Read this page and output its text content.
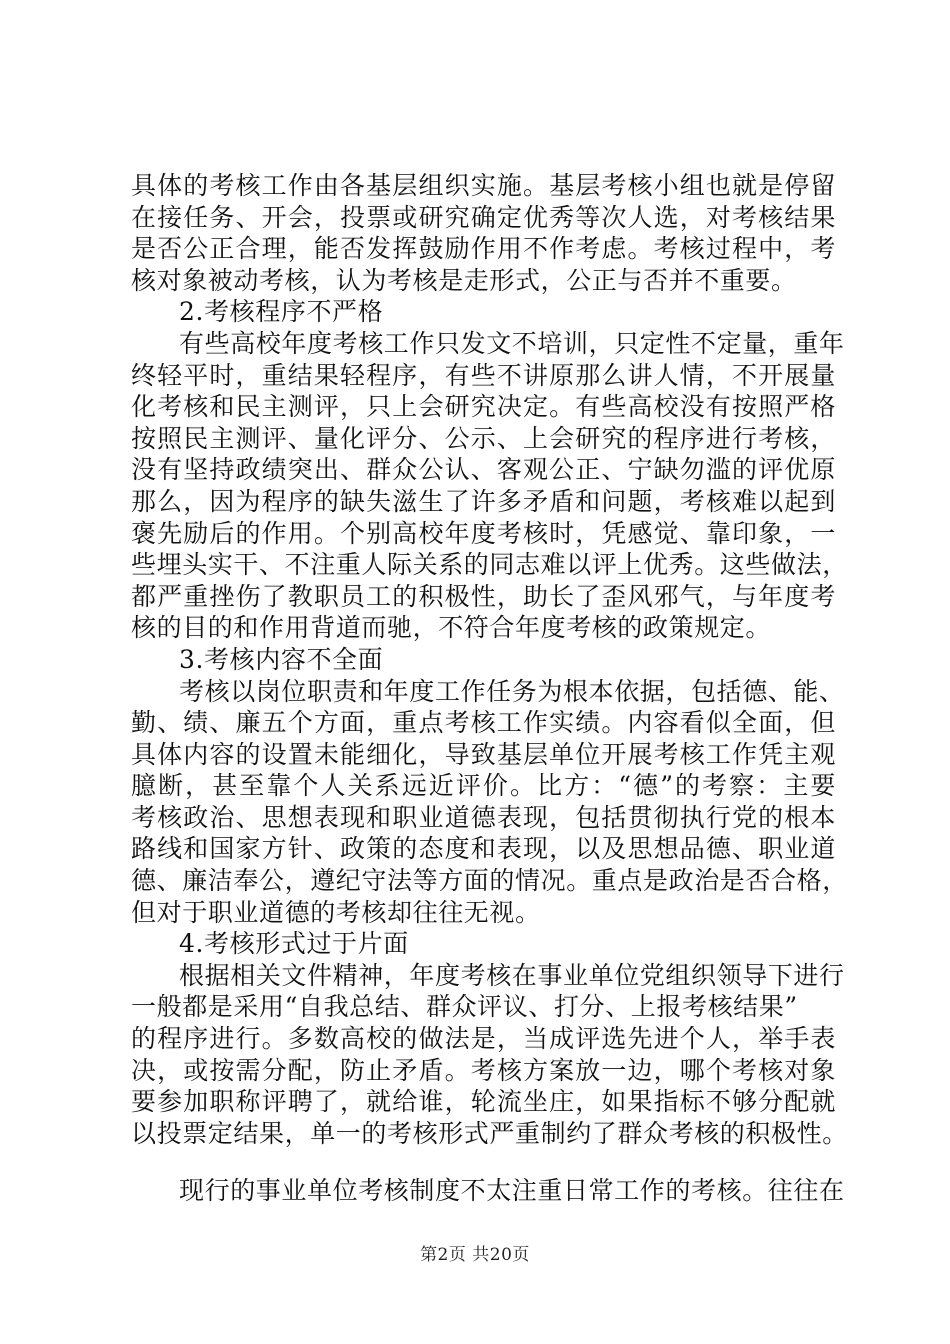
具体的考核工作由各基层组织实施。基层考核小组也就是停留
在接任务、开会，投票或研究确定优秀等次人选，对考核结果
是否公正合理，能否发挥鼓励作用不作考虑。考核过程中，考
核对象被动考核，认为考核是走形式，公正与否并不重要。
2.考核程序不严格
有些高校年度考核工作只发文不培训，只定性不定量，重年
终轻平时，重结果轻程序，有些不讲原那么讲人情，不开展量
化考核和民主测评，只上会研究决定。有些高校没有按照严格
按照民主测评、量化评分、公示、上会研究的程序进行考核，
没有坚持政绩突出、群众公认、客观公正、宁缺勿滥的评优原
那么，因为程序的缺失滋生了许多矛盾和问题，考核难以起到
褒先励后的作用。个别高校年度考核时，凭感觉、靠印象，一
些埋头实干、不注重人际关系的同志难以评上优秀。这些做法，
都严重挫伤了教职员工的积极性，助长了歪风邪气，与年度考
核的目的和作用背道而驰，不符合年度考核的政策规定。
3.考核内容不全面
考核以岗位职责和年度工作任务为根本依据，包括德、能、
勤、绩、廉五个方面，重点考核工作实绩。内容看似全面，但
具体内容的设置未能细化，导致基层单位开展考核工作凭主观
臆断，甚至靠个人关系远近评价。比方：“德”的考察：主要
考核政治、思想表现和职业道德表现，包括贯彻执行党的根本
路线和国家方针、政策的态度和表现，以及思想品德、职业道
德、廉洁奉公，遵纪守法等方面的情况。重点是政治是否合格，
但对于职业道德的考核却往往无视。
4.考核形式过于片面
根据相关文件精神，年度考核在事业单位党组织领导下进行
一般都是采用“自我总结、群众评议、打分、上报考核结果”
的程序进行。多数高校的做法是，当成评选先进个人，举手表
决，或按需分配，防止矛盾。考核方案放一边，哪个考核对象
要参加职称评聘了，就给谁，轮流坐庄，如果指标不够分配就
以投票定结果，单一的考核形式严重制约了群众考核的积极性。
现行的事业单位考核制度不太注重日常工作的考核。往往在
第2页 共20页
